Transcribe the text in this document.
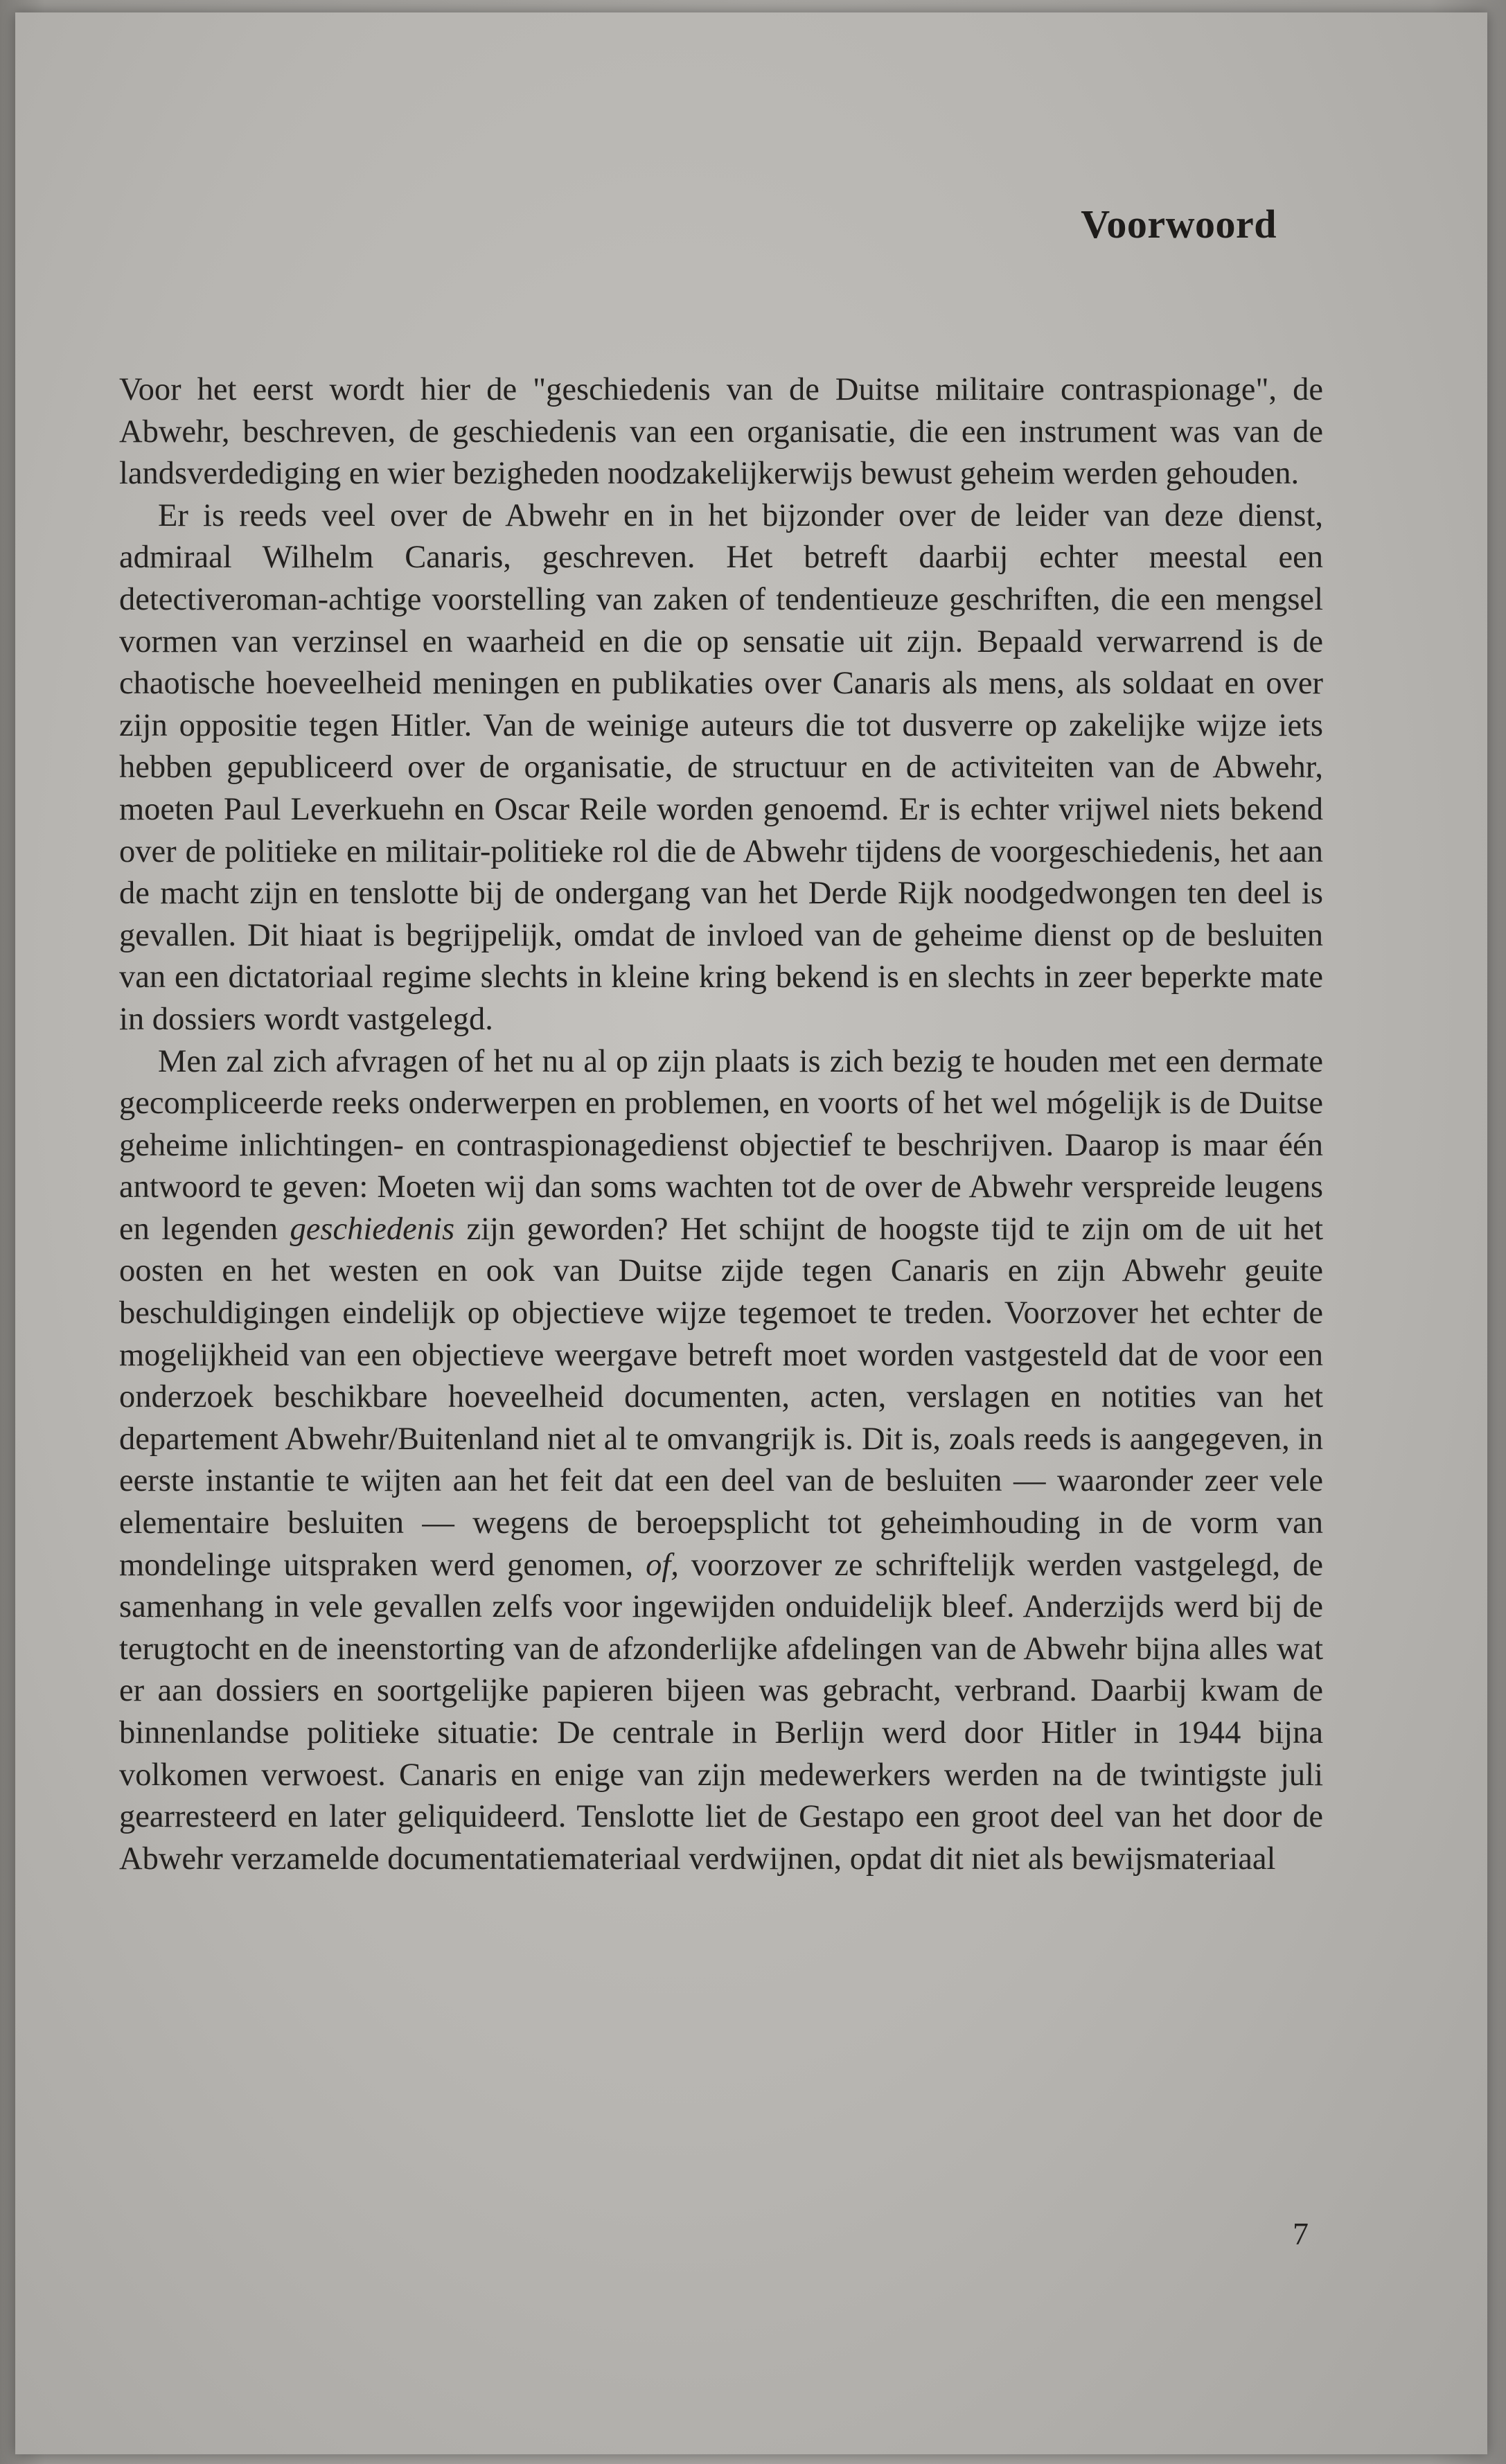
Voorwoord

Voor het eerst wordt hier de "geschiedenis van de Duitse militaire contraspionage", de Abwehr, beschreven, de geschiedenis van een organisatie, die een instrument was van de landsverdediging en wier bezigheden noodzakelijkerwijs bewust geheim werden gehouden.

Er is reeds veel over de Abwehr en in het bijzonder over de leider van deze dienst, admiraal Wilhelm Canaris, geschreven. Het betreft daarbij echter meestal een detectiveroman-achtige voorstelling van zaken of tendentieuze geschriften, die een mengsel vormen van verzinsel en waarheid en die op sensatie uit zijn. Bepaald verwarrend is de chaotische hoeveelheid meningen en publikaties over Canaris als mens, als soldaat en over zijn oppositie tegen Hitler. Van de weinige auteurs die tot dusverre op zakelijke wijze iets hebben gepubliceerd over de organisatie, de structuur en de activiteiten van de Abwehr, moeten Paul Leverkuehn en Oscar Reile worden genoemd. Er is echter vrijwel niets bekend over de politieke en militair-politieke rol die de Abwehr tijdens de voorgeschiedenis, het aan de macht zijn en tenslotte bij de ondergang van het Derde Rijk noodgedwongen ten deel is gevallen. Dit hiaat is begrijpelijk, omdat de invloed van de geheime dienst op de besluiten van een dictatoriaal regime slechts in kleine kring bekend is en slechts in zeer beperkte mate in dossiers wordt vastgelegd.

Men zal zich afvragen of het nu al op zijn plaats is zich bezig te houden met een dermate gecompliceerde reeks onderwerpen en problemen, en voorts of het wel mógelijk is de Duitse geheime inlichtingen- en contraspionagedienst objectief te beschrijven. Daarop is maar één antwoord te geven: Moeten wij dan soms wachten tot de over de Abwehr verspreide leugens en legenden geschiedenis zijn geworden? Het schijnt de hoogste tijd te zijn om de uit het oosten en het westen en ook van Duitse zijde tegen Canaris en zijn Abwehr geuite beschuldigingen eindelijk op objectieve wijze tegemoet te treden. Voorzover het echter de mogelijkheid van een objectieve weergave betreft moet worden vastgesteld dat de voor een onderzoek beschikbare hoeveelheid documenten, acten, verslagen en notities van het departement Abwehr/Buitenland niet al te omvangrijk is. Dit is, zoals reeds is aangegeven, in eerste instantie te wijten aan het feit dat een deel van de besluiten — waaronder zeer vele elementaire besluiten — wegens de beroepsplicht tot geheimhouding in de vorm van mondelinge uitspraken werd genomen, of, voorzover ze schriftelijk werden vastgelegd, de samenhang in vele gevallen zelfs voor ingewijden onduidelijk bleef. Anderzijds werd bij de terugtocht en de ineenstorting van de afzonderlijke afdelingen van de Abwehr bijna alles wat er aan dossiers en soortgelijke papieren bijeen was gebracht, verbrand. Daarbij kwam de binnenlandse politieke situatie: De centrale in Berlijn werd door Hitler in 1944 bijna volkomen verwoest. Canaris en enige van zijn medewerkers werden na de twintigste juli gearresteerd en later geliquideerd. Tenslotte liet de Gestapo een groot deel van het door de Abwehr verzamelde documentatiemateriaal verdwijnen, opdat dit niet als bewijsmateriaal

7
